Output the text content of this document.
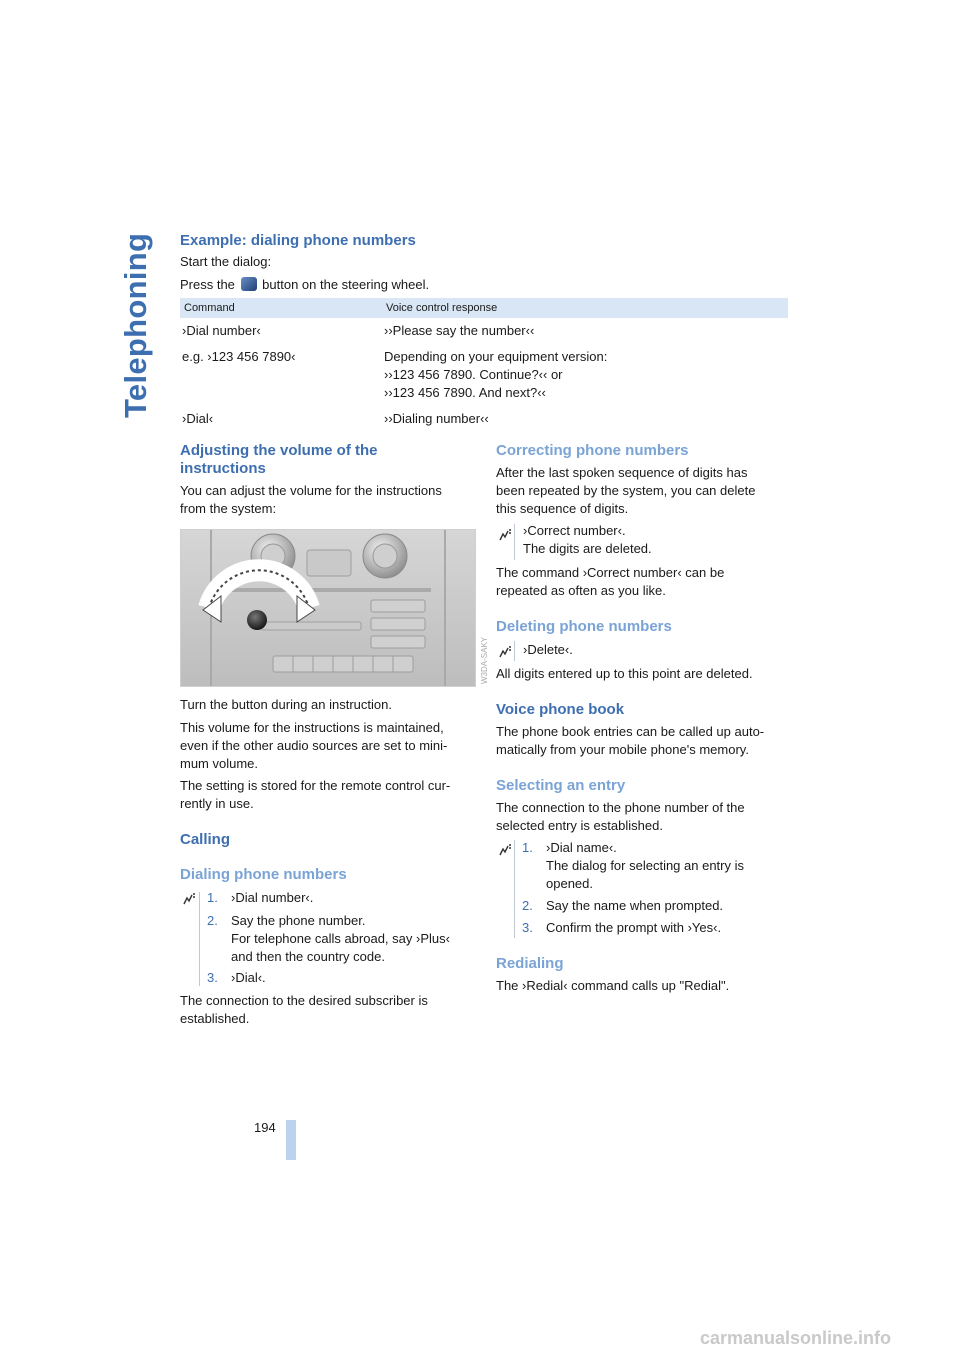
Telephoning Example: dialing phone numbers

Start the dialog:

Press the button on the steering wheel.

Command	Voice control response
›Dial number‹	››Please say the number‹‹
e.g. ›123 456 7890‹	Depending on your equipment version:
››123 456 7890. Continue?‹‹ or
››123 456 7890. And next?‹‹

›Dial‹	››Dialing number‹‹
Adjusting the volume of the
instructions
You can adjust the volume for the instructions
from the system:
W3DA-SAKY

Turn the button during an instruction.

This volume for the instructions is maintained,
even if the other audio sources are set to mini-
mum volume.
The setting is stored for the remote control cur-
rently in use.
Calling
Dialing phone numbers
1. ›Dial number‹.
2. Say the phone number.
For telephone calls abroad, say ›Plus‹
and then the country code.
3. ›Dial‹.
The connection to the desired subscriber is
established.
Correcting phone numbers
After the last spoken sequence of digits has
been repeated by the system, you can delete
this sequence of digits.
›Correct number‹.
The digits are deleted.
The command ›Correct number‹ can be
repeated as often as you like.
Deleting phone numbers

›Delete‹.

All digits entered up to this point are deleted.

Voice phone book
The phone book entries can be called up auto-
matically from your mobile phone's memory.
Selecting an entry
The connection to the phone number of the
selected entry is established.
1. ›Dial name‹.
The dialog for selecting an entry is
opened.
2. Say the name when prompted.
3. Confirm the prompt with ›Yes‹.
Redialing

The ›Redial‹ command calls up "Redial".

194
carmanualsonline.info
